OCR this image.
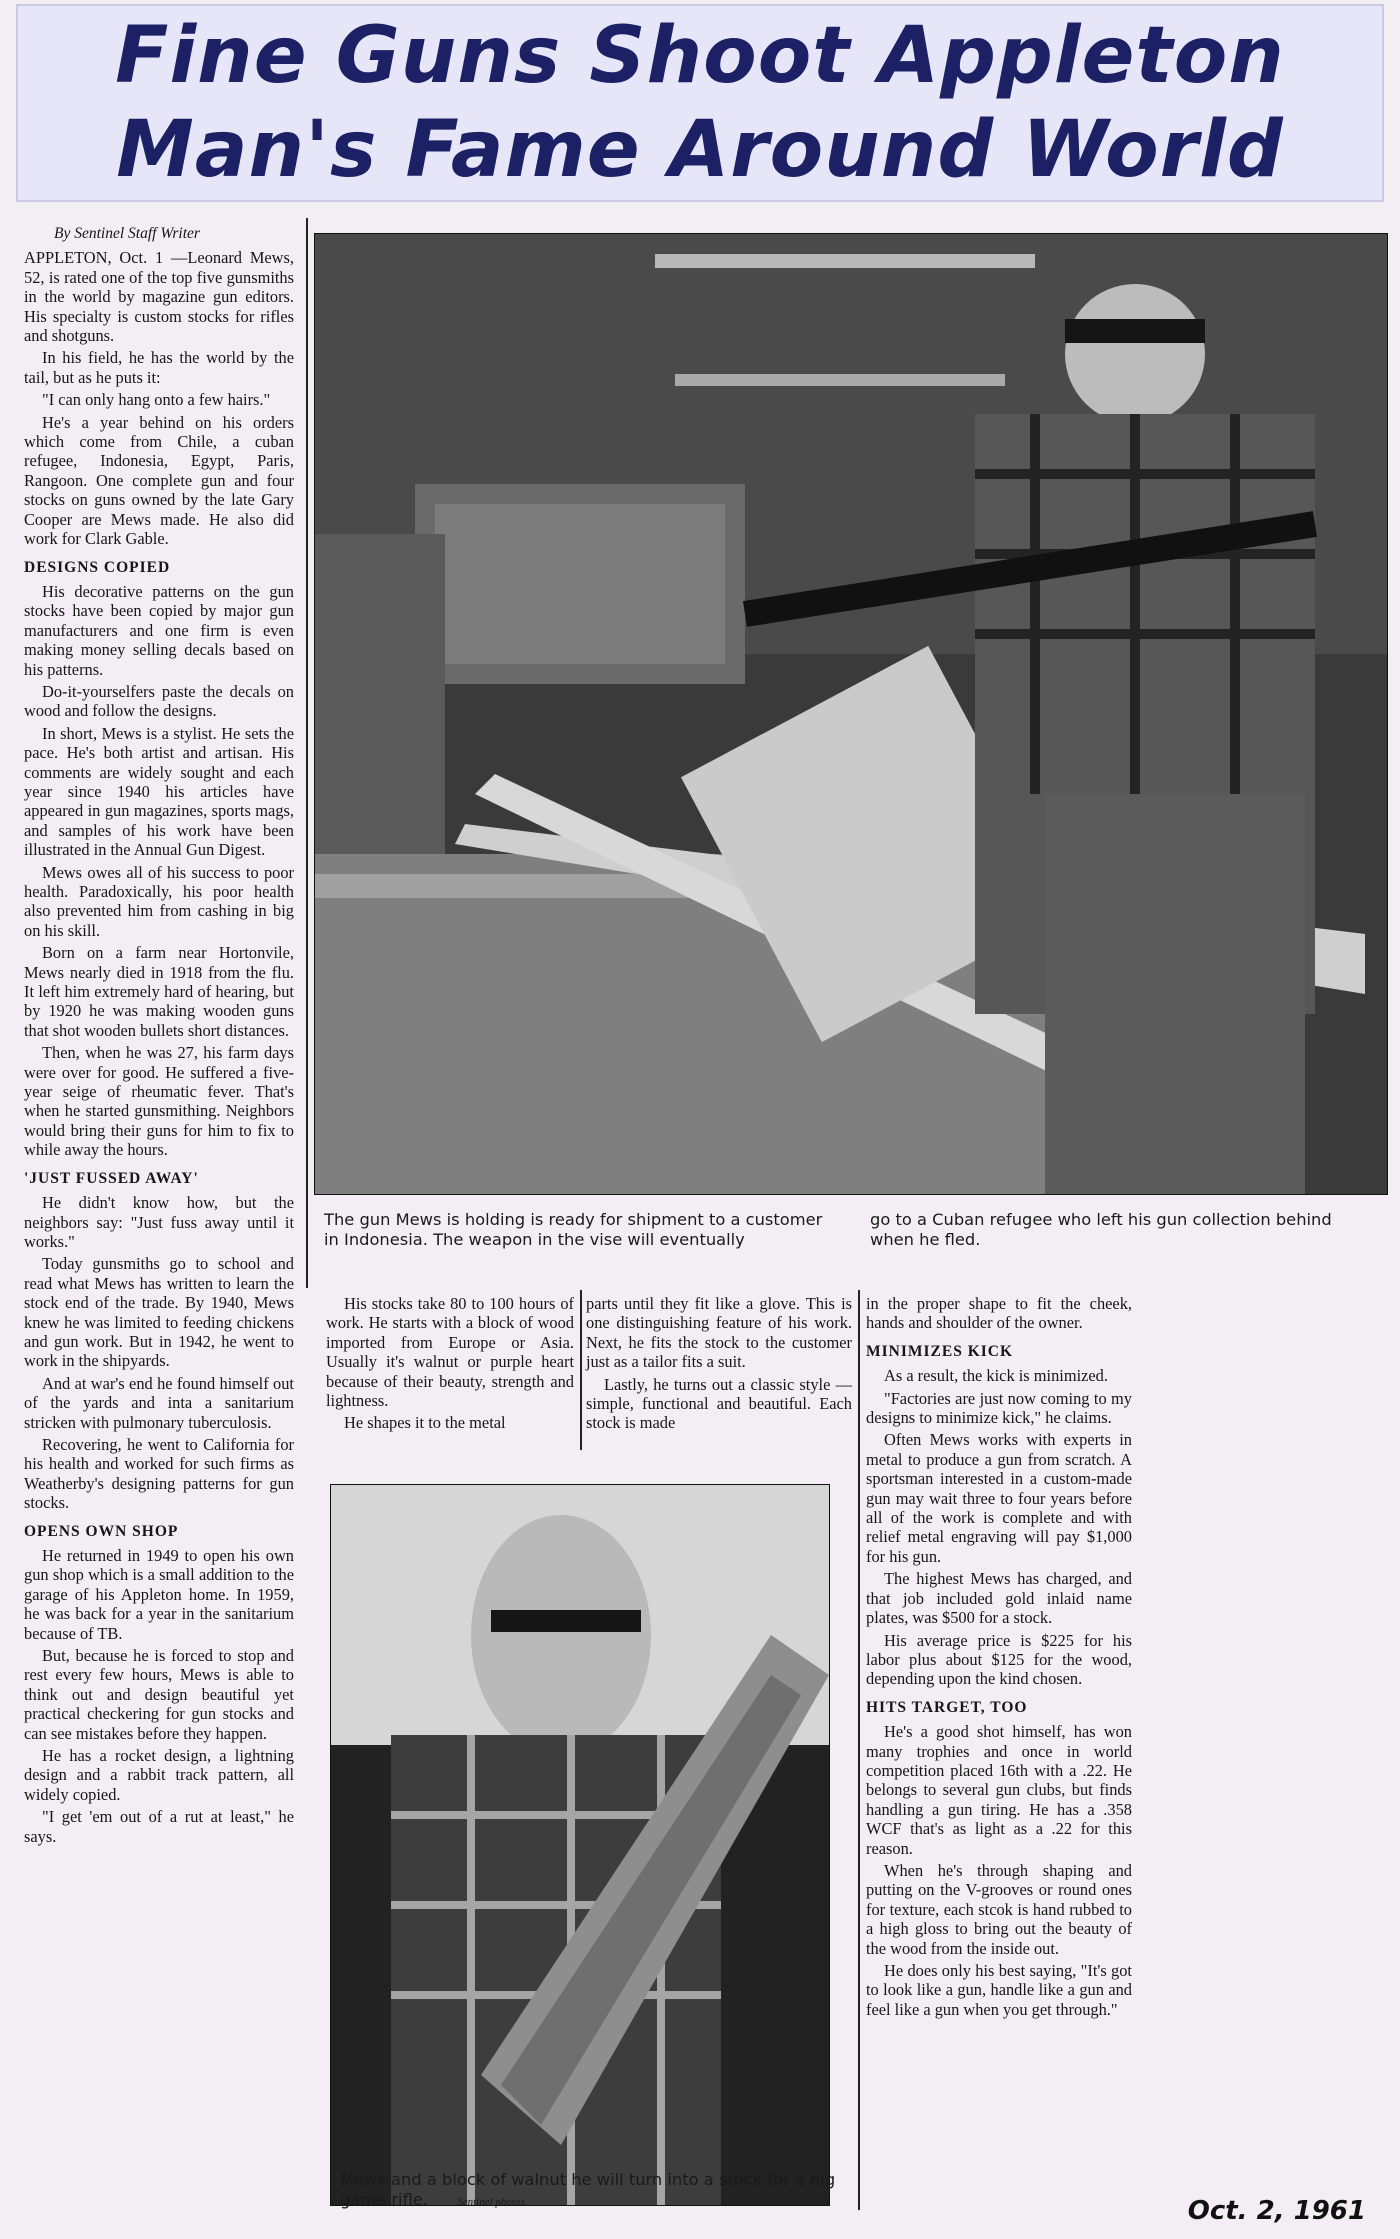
Fine Guns Shoot Appleton
Man's Fame Around World
By Sentinel Staff Writer

APPLETON, Oct. 1 —Leonard Mews, 52, is rated one of the top five gunsmiths in the world by magazine gun editors. His specialty is custom stocks for rifles and shotguns.

In his field, he has the world by the tail, but as he puts it:

"I can only hang onto a few hairs."

He's a year behind on his orders which come from Chile, a cuban refugee, Indonesia, Egypt, Paris, Rangoon. One complete gun and four stocks on guns owned by the late Gary Cooper are Mews made. He also did work for Clark Gable.

DESIGNS COPIED

His decorative patterns on the gun stocks have been copied by major gun manufacturers and one firm is even making money selling decals based on his patterns.

Do-it-yourselfers paste the decals on wood and follow the designs.

In short, Mews is a stylist. He sets the pace. He's both artist and artisan. His comments are widely sought and each year since 1940 his articles have appeared in gun magazines, sports mags, and samples of his work have been illustrated in the Annual Gun Digest.

Mews owes all of his success to poor health. Paradoxically, his poor health also prevented him from cashing in big on his skill.

Born on a farm near Hortonvile, Mews nearly died in 1918 from the flu. It left him extremely hard of hearing, but by 1920 he was making wooden guns that shot wooden bullets short distances.

Then, when he was 27, his farm days were over for good. He suffered a five-year seige of rheumatic fever. That's when he started gunsmithing. Neighbors would bring their guns for him to fix to while away the hours.

'JUST FUSSED AWAY'

He didn't know how, but the neighbors say: "Just fuss away until it works."

Today gunsmiths go to school and read what Mews has written to learn the stock end of the trade. By 1940, Mews knew he was limited to feeding chickens and gun work. But in 1942, he went to work in the shipyards.

And at war's end he found himself out of the yards and inta a sanitarium stricken with pulmonary tuberculosis.

Recovering, he went to California for his health and worked for such firms as Weatherby's designing patterns for gun stocks.

OPENS OWN SHOP

He returned in 1949 to open his own gun shop which is a small addition to the garage of his Appleton home. In 1959, he was back for a year in the sanitarium because of TB.

But, because he is forced to stop and rest every few hours, Mews is able to think out and design beautiful yet practical checkering for gun stocks and can see mistakes before they happen.

He has a rocket design, a lightning design and a rabbit track pattern, all widely copied.

"I get 'em out of a rut at least," he says.

The gun Mews is holding is ready for shipment to a customer in Indonesia. The weapon in the vise will eventually
go to a Cuban refugee who left his gun collection behind when he fled.

His stocks take 80 to 100 hours of work. He starts with a block of wood imported from Europe or Asia. Usually it's walnut or purple heart because of their beauty, strength and lightness.

He shapes it to the metal

parts until they fit like a glove. This is one distinguishing feature of his work. Next, he fits the stock to the customer just as a tailor fits a suit.

Lastly, he turns out a classic style — simple, functional and beautiful. Each stock is made

in the proper shape to fit the cheek, hands and shoulder of the owner.

MINIMIZES KICK

As a result, the kick is minimized.

"Factories are just now coming to my designs to minimize kick," he claims.

Often Mews works with experts in metal to produce a gun from scratch. A sportsman interested in a custom-made gun may wait three to four years before all of the work is complete and with relief metal engraving will pay $1,000 for his gun.

The highest Mews has charged, and that job included gold inlaid name plates, was $500 for a stock.

His average price is $225 for his labor plus about $125 for the wood, depending upon the kind chosen.

HITS TARGET, TOO

He's a good shot himself, has won many trophies and once in world competition placed 16th with a .22. He belongs to several gun clubs, but finds handling a gun tiring. He has a .358 WCF that's as light as a .22 for this reason.

When he's through shaping and putting on the V-grooves or round ones for texture, each stcok is hand rubbed to a high gloss to bring out the beauty of the wood from the inside out.

He does only his best saying, "It's got to look like a gun, handle like a gun and feel like a gun when you get through."

Mews and a block of walnut he will turn into a stock for a big game rifle.	Sentinel photos.	Oct. 2, 1961
